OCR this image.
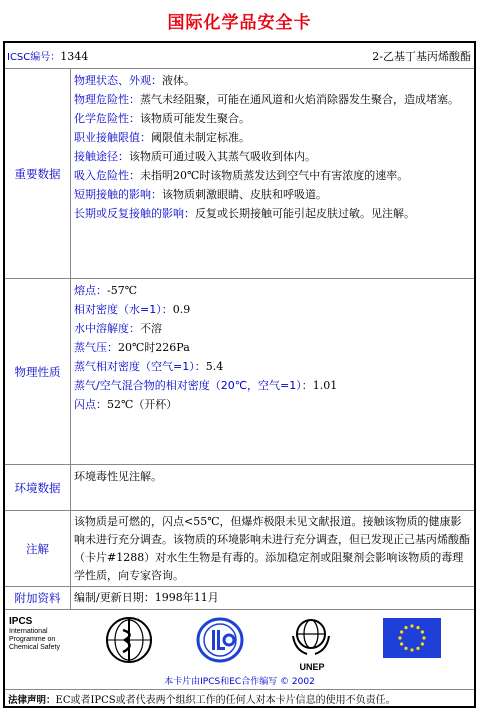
国际化学品安全卡
ICSC编号：1344	2-乙基丁基丙烯酸酯
重要数据
物理状态、外观：液体。
物理危险性：蒸气未经阻聚，可能在通风道和火焰消除器发生聚合，造成堵塞。
化学危险性：该物质可能发生聚合。
职业接触限值：阈限值未制定标准。
接触途径：该物质可通过吸入其蒸气吸收到体内。
吸入危险性：未指明20℃时该物质蒸发达到空气中有害浓度的速率。
短期接触的影响：该物质刺激眼睛、皮肤和呼吸道。
长期或反复接触的影响：反复或长期接触可能引起皮肤过敏。见注解。
物理性质
熔点：-57℃
相对密度（水=1）：0.9
水中溶解度：不溶
蒸气压：20℃时226Pa
蒸气相对密度（空气=1）：5.4
蒸气/空气混合物的相对密度（20℃，空气=1）：1.01
闪点：52℃（开杯）
环境数据
环境毒性见注解。
注解
该物质是可燃的，闪点<55℃，但爆炸极限未见文献报道。接触该物质的健康影响未进行充分调查。该物质的环境影响未进行充分调查，但已发现正己基丙烯酸酯（卡片#1288）对水生生物是有毒的。添加稳定剂或阻聚剂会影响该物质的毒理学性质，向专家咨询。
附加资料	编制/更新日期：1998年11月
IPCS
International
Programme on
Chemical Safety
UNEP
本卡片由IPCS和EC合作编写 © 2002
法律声明：EC或者IPCS或者代表两个组织工作的任何人对本卡片信息的使用不负责任。
